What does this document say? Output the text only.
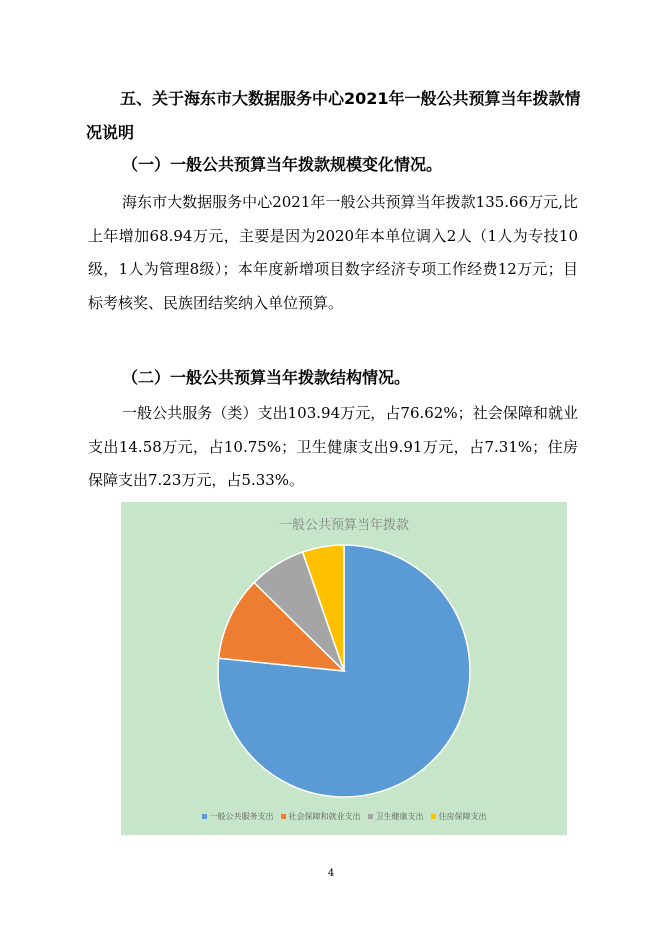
五、关于海东市大数据服务中心2021年一般公共预算当年拨款情况说明
（一）一般公共预算当年拨款规模变化情况。

海东市大数据服务中心2021年一般公共预算当年拨款135.66万元,比上年增加68.94万元，主要是因为2020年本单位调入2人（1人为专技10级，1人为管理8级）；本年度新增项目数字经济专项工作经费12万元；目标考核奖、民族团结奖纳入单位预算。

（二）一般公共预算当年拨款结构情况。

一般公共服务（类）支出103.94万元，占76.62%；社会保障和就业支出14.58万元，占10.75%；卫生健康支出9.91万元，占7.31%；住房保障支出7.23万元，占5.33%。

一般公共预算当年拨款
一般公共服务支出 社会保障和就业支出 卫生健康支出 住房保障支出
4
